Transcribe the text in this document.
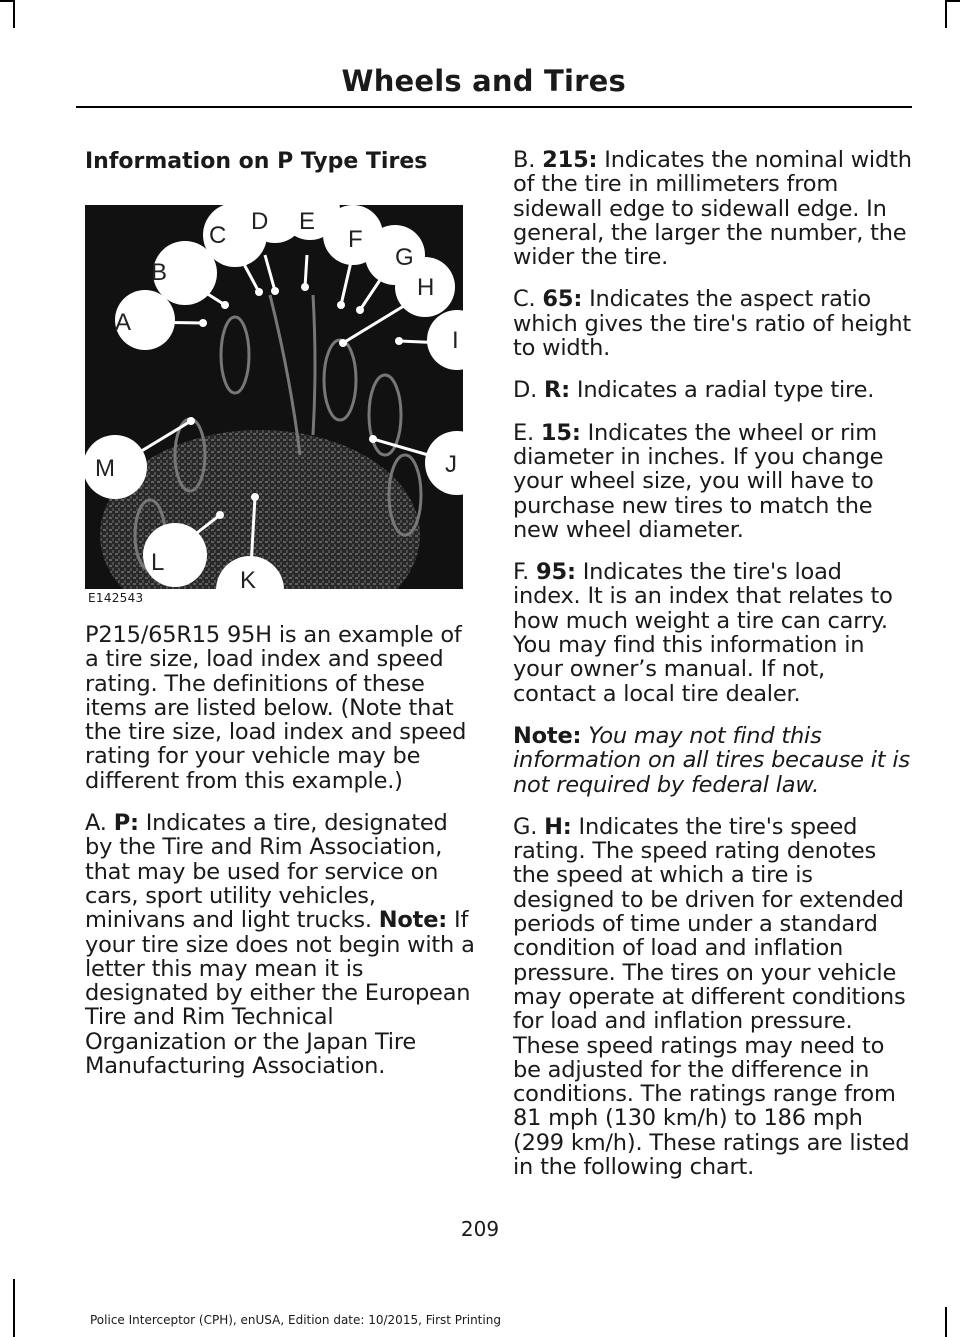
Wheels and Tires
Information on P Type Tires
A
B
C
D E
F
G
H
I
J
K
L
M
E142543

P215/65R15 95H is an example of a tire size, load index and speed rating. The definitions of these items are listed below. (Note that the tire size, load index and speed rating for your vehicle may be different from this example.)

A. P: Indicates a tire, designated by the Tire and Rim Association, that may be used for service on cars, sport utility vehicles, minivans and light trucks. Note: If your tire size does not begin with a letter this may mean it is designated by either the European Tire and Rim Technical Organization or the Japan Tire Manufacturing Association.

B. 215: Indicates the nominal width of the tire in millimeters from sidewall edge to sidewall edge. In general, the larger the number, the wider the tire.

C. 65: Indicates the aspect ratio which gives the tire's ratio of height to width.

D. R: Indicates a radial type tire.

E. 15: Indicates the wheel or rim diameter in inches. If you change your wheel size, you will have to purchase new tires to match the new wheel diameter.

F. 95: Indicates the tire's load index. It is an index that relates to how much weight a tire can carry. You may find this information in your owner’s manual. If not, contact a local tire dealer.

Note: You may not find this information on all tires because it is not required by federal law.

G. H: Indicates the tire's speed rating. The speed rating denotes the speed at which a tire is designed to be driven for extended periods of time under a standard condition of load and inflation pressure. The tires on your vehicle may operate at different conditions for load and inflation pressure. These speed ratings may need to be adjusted for the difference in conditions. The ratings range from 81 mph (130 km/h) to 186 mph (299 km/h). These ratings are listed in the following chart.

209
Police Interceptor (CPH), enUSA, Edition date: 10/2015, First Printing
